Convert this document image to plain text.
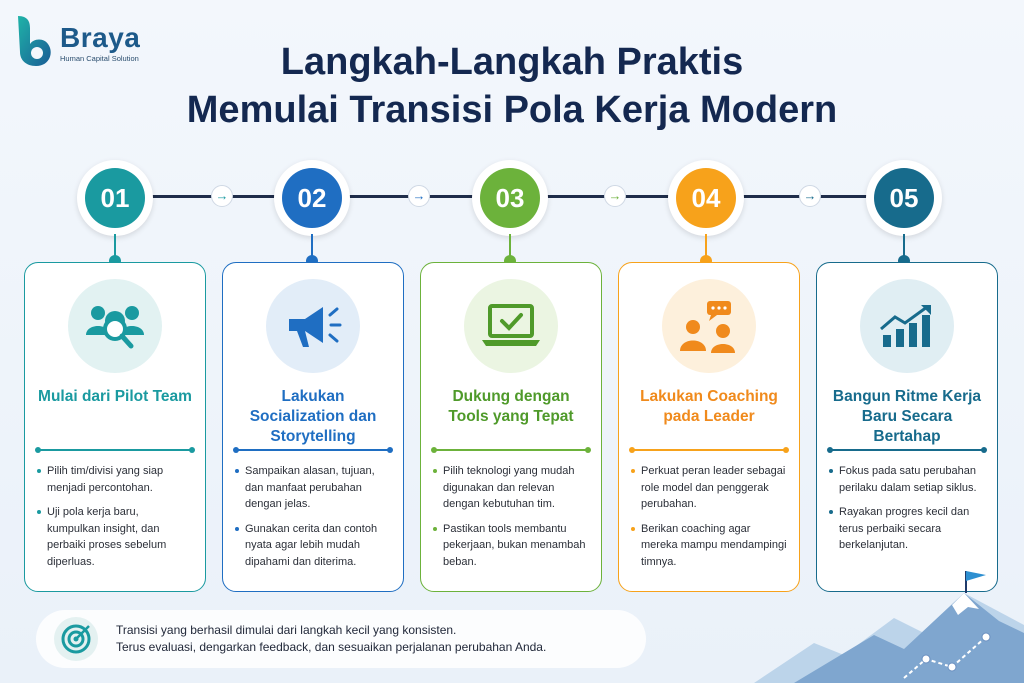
Braya
Human Capital Solution	Langkah-Langkah Praktis
Memulai Transisi Pola Kerja Modern
→	→	→	→
01
Mulai dari Pilot Team
Pilih tim/divisi yang siap menjadi percontohan.
Uji pola kerja baru, kumpulkan insight, dan perbaiki proses sebelum diperluas.
02
Lakukan Socialization dan Storytelling
Sampaikan alasan, tujuan, dan manfaat perubahan dengan jelas.
Gunakan cerita dan contoh nyata agar lebih mudah dipahami dan diterima.
03
Dukung dengan Tools yang Tepat
Pilih teknologi yang mudah digunakan dan relevan dengan kebutuhan tim.
Pastikan tools membantu pekerjaan, bukan menambah beban.
04
Lakukan Coaching pada Leader
Perkuat peran leader sebagai role model dan penggerak perubahan.
Berikan coaching agar mereka mampu mendampingi timnya.
05
Bangun Ritme Kerja Baru Secara Bertahap
Fokus pada satu perubahan perilaku dalam setiap siklus.
Rayakan progres kecil dan terus perbaiki secara berkelanjutan.
Transisi yang berhasil dimulai dari langkah kecil yang konsisten.
Terus evaluasi, dengarkan feedback, dan sesuaikan perjalanan perubahan Anda.
